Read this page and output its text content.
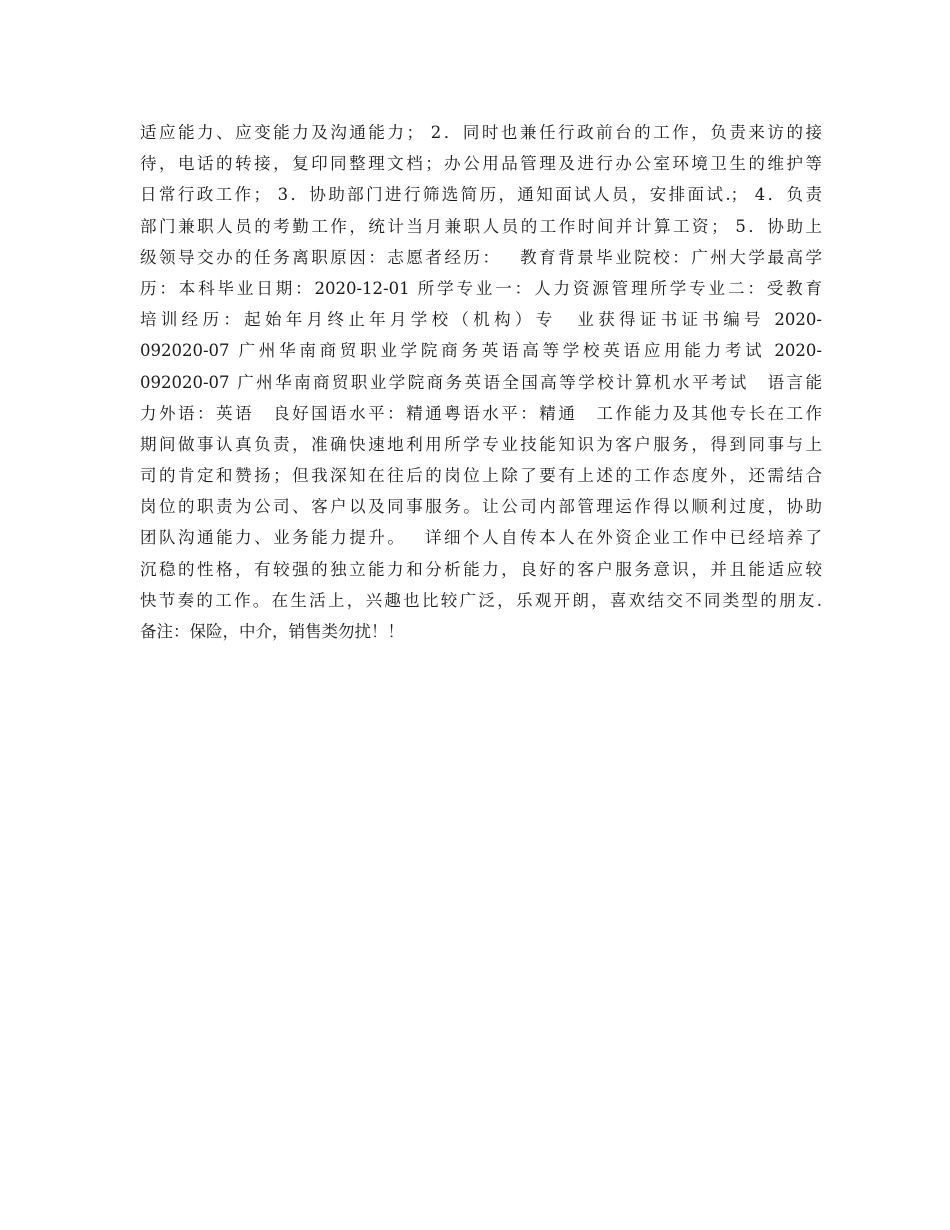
适应能力、应变能力及沟通能力； 2．同时也兼任行政前台的工作，负责来访的接
待，电话的转接，复印同整理文档；办公用品管理及进行办公室环境卫生的维护等
日常行政工作； 3．协助部门进行筛选简历，通知面试人员，安排面试.； 4．负责
部门兼职人员的考勤工作，统计当月兼职人员的工作时间并计算工资； 5．协助上
级领导交办的任务离职原因：志愿者经历：　 教育背景毕业院校：广州大学最高学
历：本科毕业日期：2020-12-01 所学专业一：人力资源管理所学专业二：受教育
培训经历：起始年月终止年月学校（机构）专　业获得证书证书编号 2020-
092020-07 广州华南商贸职业学院商务英语高等学校英语应用能力考试 2020-
092020-07 广州华南商贸职业学院商务英语全国高等学校计算机水平考试　语言能
力外语：英语　良好国语水平：精通粤语水平：精通　工作能力及其他专长在工作
期间做事认真负责，准确快速地利用所学专业技能知识为客户服务，得到同事与上
司的肯定和赞扬；但我深知在往后的岗位上除了要有上述的工作态度外，还需结合
岗位的职责为公司、客户以及同事服务。让公司内部管理运作得以顺利过度，协助
团队沟通能力、业务能力提升。　 详细个人自传本人在外资企业工作中已经培养了
沉稳的性格，有较强的独立能力和分析能力，良好的客户服务意识，并且能适应较
快节奏的工作。在生活上，兴趣也比较广泛，乐观开朗，喜欢结交不同类型的朋友.
备注：保险，中介，销售类勿扰！！
